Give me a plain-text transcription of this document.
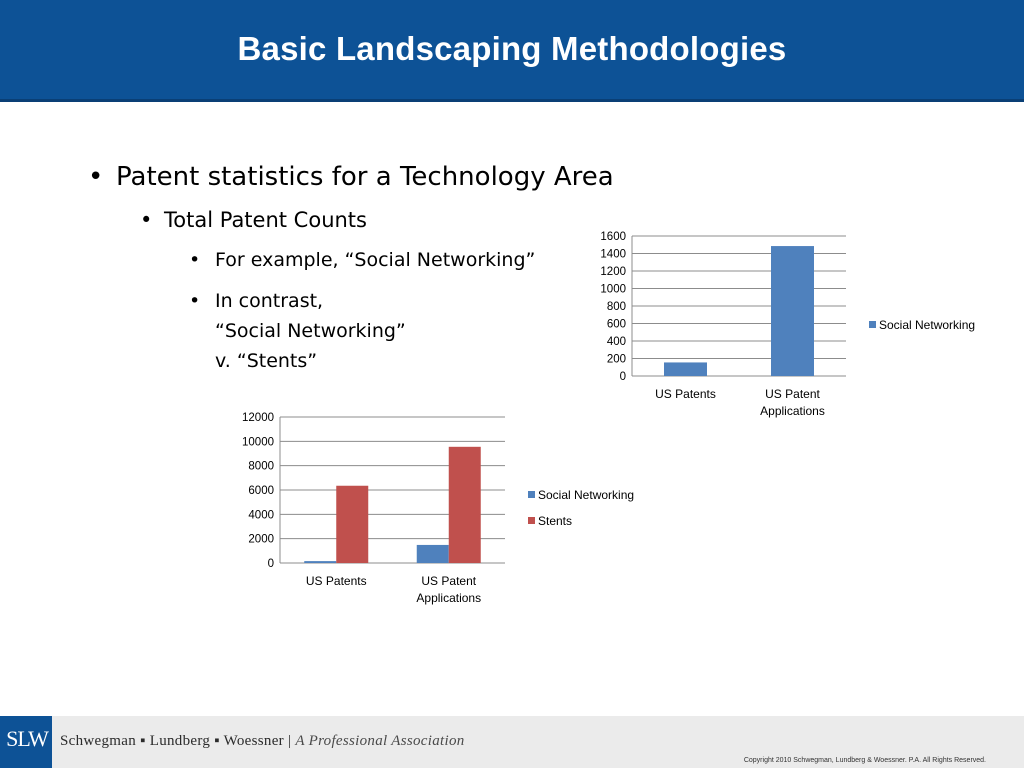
Basic Landscaping Methodologies
• Patent statistics for a Technology Area
• Total Patent Counts
• For example, “Social Networking”
• In contrast,
“Social Networking”
v. “Stents”
0
200
400
600
800
1000
1200
1400
1600
US Patents	US Patent
Applications
Social Networking
0
2000
4000
6000
8000
10000
12000
US Patents	US Patent
Applications
Social Networking
Stents
SLW Schwegman ▪ Lundberg ▪ Woessner | A Professional Association
Copyright 2010 Schwegman, Lundberg & Woessner. P.A. All Rights Reserved.
